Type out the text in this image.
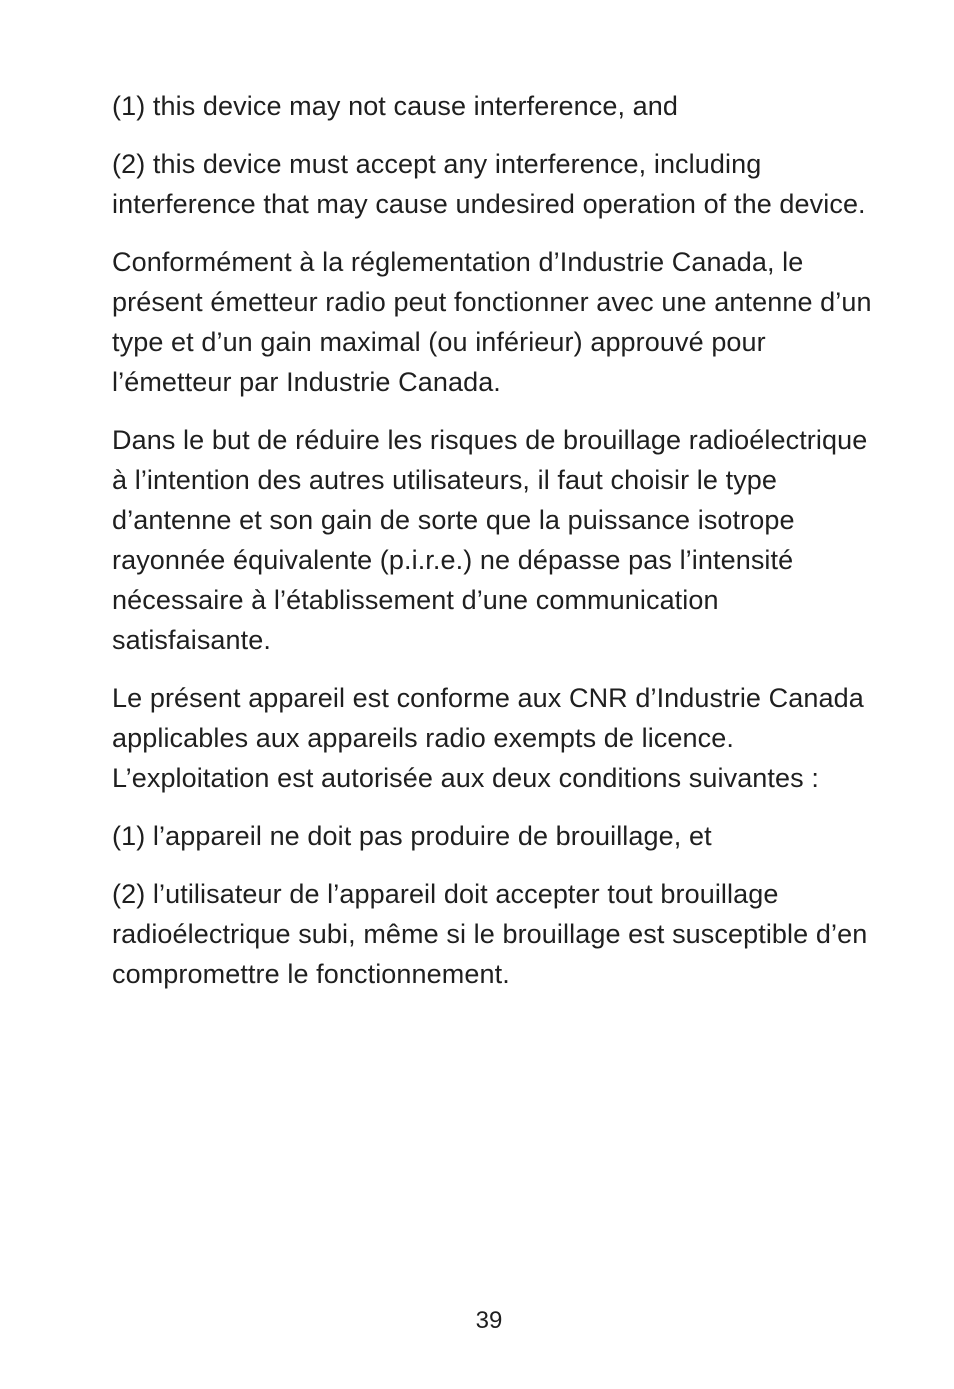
(1) this device may not cause interference, and

(2) this device must accept any interference, including interference that may cause undesired operation of the device.

Conformément à la réglementation d’Industrie Canada, le présent émetteur radio peut fonctionner avec une antenne d’un type et d’un gain maximal (ou inférieur) approuvé pour l’émetteur par Industrie Canada.

Dans le but de réduire les risques de brouillage radioélectrique à l’intention des autres utilisateurs, il faut choisir le type d’antenne et son gain de sorte que la puissance isotrope rayonnée équivalente (p.i.r.e.) ne dépasse pas l’intensité nécessaire à l’établissement d’une communication satisfaisante.

Le présent appareil est conforme aux CNR d’Industrie Canada applicables aux appareils radio exempts de licence. L’exploitation est autorisée aux deux conditions suivantes :

(1) l’appareil ne doit pas produire de brouillage, et

(2) l’utilisateur de l’appareil doit accepter tout brouillage radioélectrique subi, même si le brouillage est susceptible d’en compromettre le fonctionnement.

39
